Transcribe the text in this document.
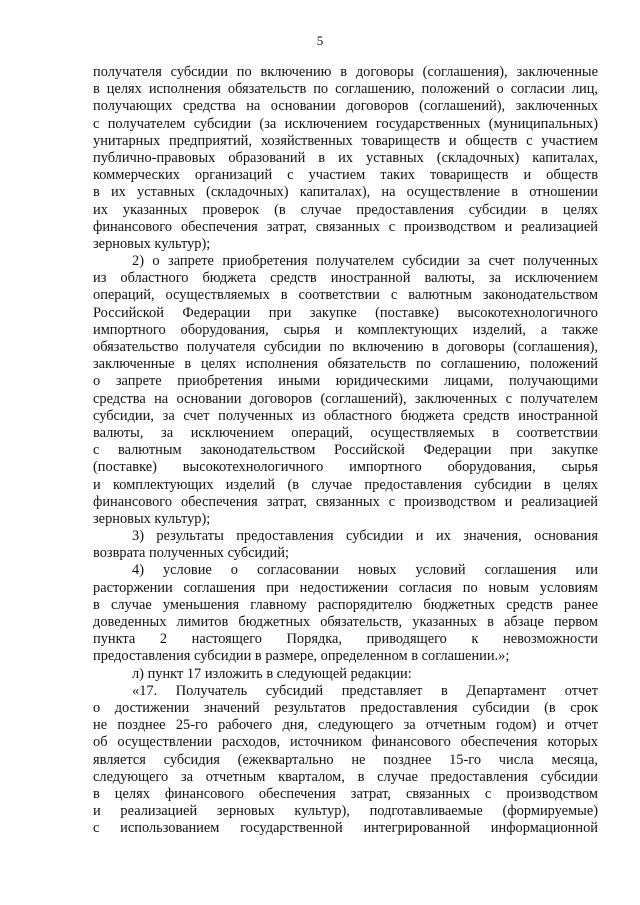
5
получателя субсидии по включению в договоры (соглашения), заключенные
в целях исполнения обязательств по соглашению, положений о согласии лиц,
получающих средства на основании договоров (соглашений), заключенных
с получателем субсидии (за исключением государственных (муниципальных)
унитарных предприятий, хозяйственных товариществ и обществ с участием
публично-правовых образований в их уставных (складочных) капиталах,
коммерческих организаций с участием таких товариществ и обществ
в их уставных (складочных) капиталах), на осуществление в отношении
их указанных проверок (в случае предоставления субсидии в целях
финансового обеспечения затрат, связанных с производством и реализацией
зерновых культур);
2) о запрете приобретения получателем субсидии за счет полученных
из областного бюджета средств иностранной валюты, за исключением
операций, осуществляемых в соответствии с валютным законодательством
Российской Федерации при закупке (поставке) высокотехнологичного
импортного оборудования, сырья и комплектующих изделий, а также
обязательство получателя субсидии по включению в договоры (соглашения),
заключенные в целях исполнения обязательств по соглашению, положений
о запрете приобретения иными юридическими лицами, получающими
средства на основании договоров (соглашений), заключенных с получателем
субсидии, за счет полученных из областного бюджета средств иностранной
валюты, за исключением операций, осуществляемых в соответствии
с валютным законодательством Российской Федерации при закупке
(поставке) высокотехнологичного импортного оборудования, сырья
и комплектующих изделий (в случае предоставления субсидии в целях
финансового обеспечения затрат, связанных с производством и реализацией
зерновых культур);
3) результаты предоставления субсидии и их значения, основания
возврата полученных субсидий;
4) условие о согласовании новых условий соглашения или
расторжении соглашения при недостижении согласия по новым условиям
в случае уменьшения главному распорядителю бюджетных средств ранее
доведенных лимитов бюджетных обязательств, указанных в абзаце первом
пункта 2 настоящего Порядка, приводящего к невозможности
предоставления субсидии в размере, определенном в соглашении.»;
л) пункт 17 изложить в следующей редакции:
«17. Получатель субсидий представляет в Департамент отчет
о достижении значений результатов предоставления субсидии (в срок
не позднее 25-го рабочего дня, следующего за отчетным годом) и отчет
об осуществлении расходов, источником финансового обеспечения которых
является субсидия (ежеквартально не позднее 15-го числа месяца,
следующего за отчетным кварталом, в случае предоставления субсидии
в целях финансового обеспечения затрат, связанных с производством
и реализацией зерновых культур), подготавливаемые (формируемые)
с использованием государственной интегрированной информационной
